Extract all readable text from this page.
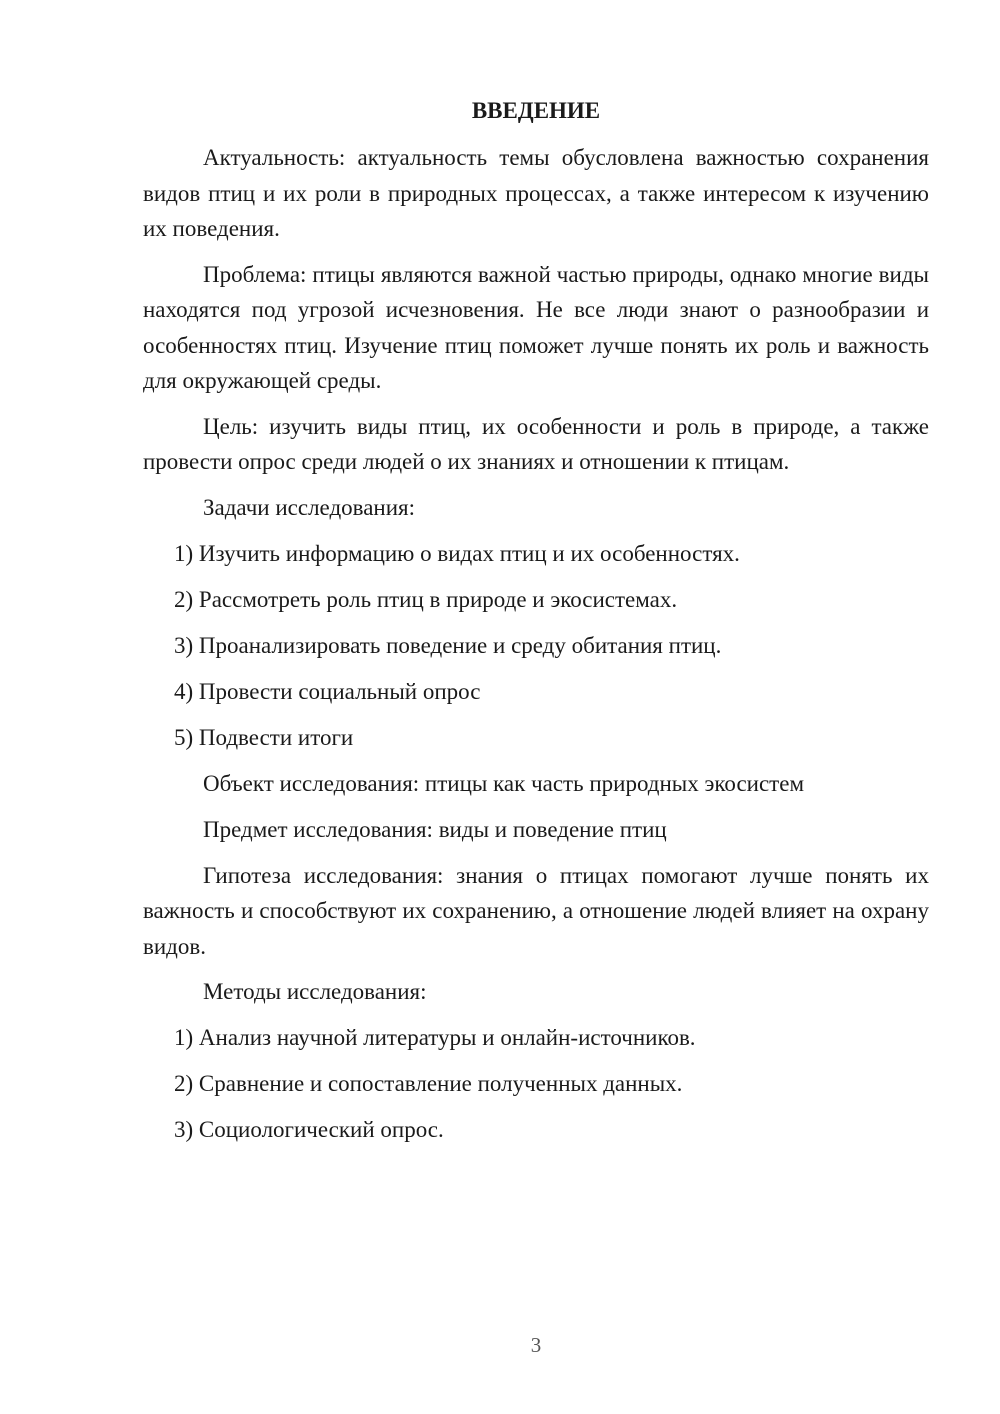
ВВЕДЕНИЕ

Актуальность: актуальность темы обусловлена важностью сохранения видов птиц и их роли в природных процессах, а также интересом к изучению их поведения.

Проблема: птицы являются важной частью природы, однако многие виды находятся под угрозой исчезновения. Не все люди знают о разнообразии и особенностях птиц. Изучение птиц поможет лучше понять их роль и важность для окружающей среды.

Цель: изучить виды птиц, их особенности и роль в природе, а также провести опрос среди людей о их знаниях и отношении к птицам.

Задачи исследования:
1) Изучить информацию о видах птиц и их особенностях.
2) Рассмотреть роль птиц в природе и экосистемах.
3) Проанализировать поведение и среду обитания птиц.
4) Провести социальный опрос
5) Подвести итоги
Объект исследования: птицы как часть природных экосистем
Предмет исследования: виды и поведение птиц

Гипотеза исследования: знания о птицах помогают лучше понять их важность и способствуют их сохранению, а отношение людей влияет на охрану видов.

Методы исследования:
1) Анализ научной литературы и онлайн-источников.
2) Сравнение и сопоставление полученных данных.
3) Социологический опрос.
3
